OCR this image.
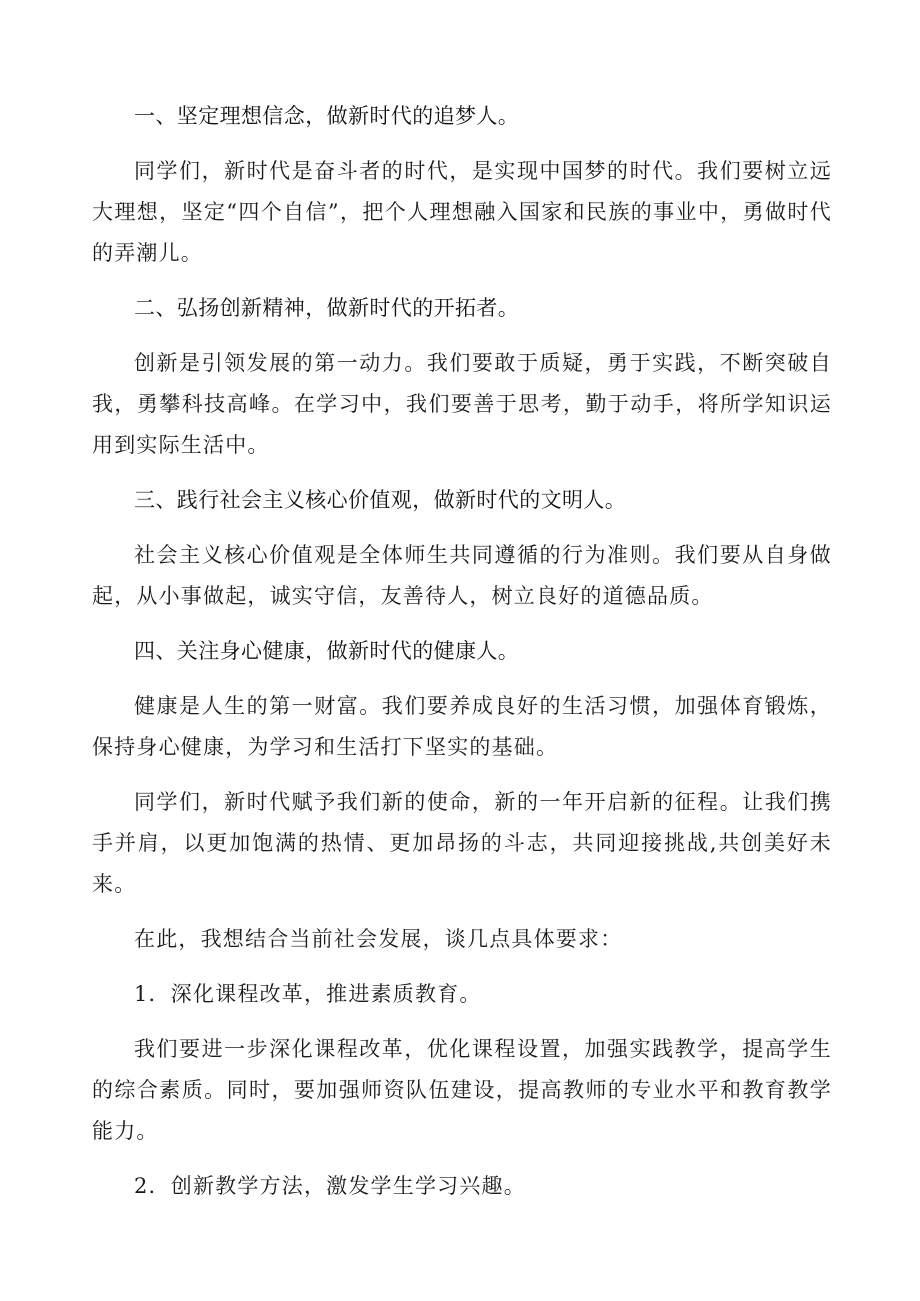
一、坚定理想信念，做新时代的追梦人。

同学们，新时代是奋斗者的时代，是实现中国梦的时代。我们要树立远大理想，坚定“四个自信”，把个人理想融入国家和民族的事业中，勇做时代的弄潮儿。

二、弘扬创新精神，做新时代的开拓者。

创新是引领发展的第一动力。我们要敢于质疑，勇于实践，不断突破自我，勇攀科技高峰。在学习中，我们要善于思考，勤于动手，将所学知识运用到实际生活中。

三、践行社会主义核心价值观，做新时代的文明人。

社会主义核心价值观是全体师生共同遵循的行为准则。我们要从自身做起，从小事做起，诚实守信，友善待人，树立良好的道德品质。

四、关注身心健康，做新时代的健康人。

健康是人生的第一财富。我们要养成良好的生活习惯，加强体育锻炼，保持身心健康，为学习和生活打下坚实的基础。

同学们，新时代赋予我们新的使命，新的一年开启新的征程。让我们携手并肩，以更加饱满的热情、更加昂扬的斗志，共同迎接挑战,共创美好未来。

在此，我想结合当前社会发展，谈几点具体要求：

1．深化课程改革，推进素质教育。

我们要进一步深化课程改革，优化课程设置，加强实践教学，提高学生的综合素质。同时，要加强师资队伍建设，提高教师的专业水平和教育教学能力。

2．创新教学方法，激发学生学习兴趣。
